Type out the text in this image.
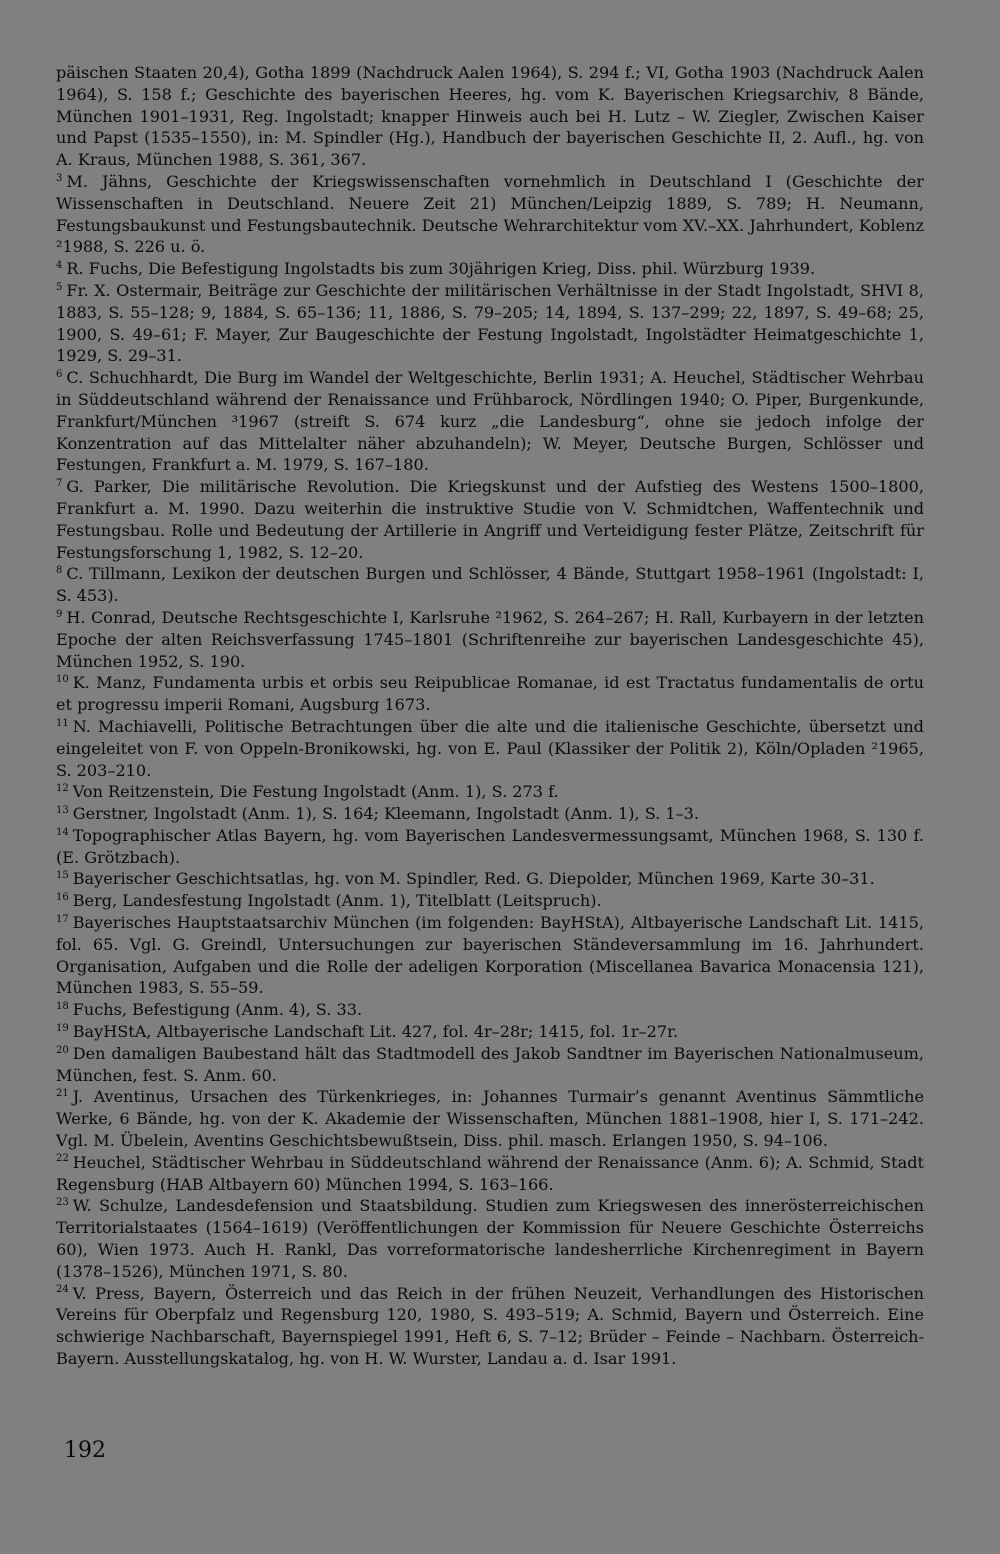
päischen Staaten 20,4), Gotha 1899 (Nachdruck Aalen 1964), S. 294 f.; VI, Gotha 1903 (Nachdruck Aalen 1964), S. 158 f.; Geschichte des bayerischen Heeres, hg. vom K. Bayerischen Kriegsarchiv, 8 Bände, München 1901–1931, Reg. Ingolstadt; knapper Hinweis auch bei H. Lutz – W. Ziegler, Zwischen Kaiser und Papst (1535–1550), in: M. Spindler (Hg.), Handbuch der bayerischen Geschichte II, 2. Aufl., hg. von A. Kraus, München 1988, S. 361, 367.

$^3$ M. Jähns, Geschichte der Kriegswissenschaften vornehmlich in Deutschland I (Geschichte der Wissenschaften in Deutschland. Neuere Zeit 21) München/Leipzig 1889, S. 789; H. Neumann, Festungsbaukunst und Festungsbautechnik. Deutsche Wehrarchitektur vom XV.–XX. Jahrhundert, Koblenz ²1988, S. 226 u. ö.

$^4$ R. Fuchs, Die Befestigung Ingolstadts bis zum 30jährigen Krieg, Diss. phil. Würzburg 1939.

$^5$ Fr. X. Ostermair, Beiträge zur Geschichte der militärischen Verhältnisse in der Stadt Ingolstadt, SHVI 8, 1883, S. 55–128; 9, 1884, S. 65–136; 11, 1886, S. 79–205; 14, 1894, S. 137–299; 22, 1897, S. 49–68; 25, 1900, S. 49–61; F. Mayer, Zur Baugeschichte der Festung Ingolstadt, Ingolstädter Heimatgeschichte 1, 1929, S. 29–31.

$^6$ C. Schuchhardt, Die Burg im Wandel der Weltgeschichte, Berlin 1931; A. Heuchel, Städtischer Wehrbau in Süddeutschland während der Renaissance und Frühbarock, Nördlingen 1940; O. Piper, Burgenkunde, Frankfurt/München ³1967 (streift S. 674 kurz „die Landesburg“, ohne sie jedoch infolge der Konzentration auf das Mittelalter näher abzuhandeln); W. Meyer, Deutsche Burgen, Schlösser und Festungen, Frankfurt a. M. 1979, S. 167–180.

$^7$ G. Parker, Die militärische Revolution. Die Kriegskunst und der Aufstieg des Westens 1500–1800, Frankfurt a. M. 1990. Dazu weiterhin die instruktive Studie von V. Schmidtchen, Waffentechnik und Festungsbau. Rolle und Bedeutung der Artillerie in Angriff und Verteidigung fester Plätze, Zeitschrift für Festungsforschung 1, 1982, S. 12–20.

$^8$ C. Tillmann, Lexikon der deutschen Burgen und Schlösser, 4 Bände, Stuttgart 1958–1961 (Ingolstadt: I, S. 453).

$^9$ H. Conrad, Deutsche Rechtsgeschichte I, Karlsruhe ²1962, S. 264–267; H. Rall, Kurbayern in der letzten Epoche der alten Reichsverfassung 1745–1801 (Schriftenreihe zur bayerischen Landesgeschichte 45), München 1952, S. 190.

$^{10}$ K. Manz, Fundamenta urbis et orbis seu Reipublicae Romanae, id est Tractatus fundamentalis de ortu et progressu imperii Romani, Augsburg 1673.

$^{11}$ N. Machiavelli, Politische Betrachtungen über die alte und die italienische Geschichte, übersetzt und eingeleitet von F. von Oppeln-Bronikowski, hg. von E. Paul (Klassiker der Politik 2), Köln/Opladen ²1965, S. 203–210.

$^{12}$ Von Reitzenstein, Die Festung Ingolstadt (Anm. 1), S. 273 f.

$^{13}$ Gerstner, Ingolstadt (Anm. 1), S. 164; Kleemann, Ingolstadt (Anm. 1), S. 1–3.

$^{14}$ Topographischer Atlas Bayern, hg. vom Bayerischen Landesvermessungsamt, München 1968, S. 130 f. (E. Grötzbach).

$^{15}$ Bayerischer Geschichtsatlas, hg. von M. Spindler, Red. G. Diepolder, München 1969, Karte 30–31.

$^{16}$ Berg, Landesfestung Ingolstadt (Anm. 1), Titelblatt (Leitspruch).

$^{17}$ Bayerisches Hauptstaatsarchiv München (im folgenden: BayHStA), Altbayerische Landschaft Lit. 1415, fol. 65. Vgl. G. Greindl, Untersuchungen zur bayerischen Ständeversammlung im 16. Jahrhundert. Organisation, Aufgaben und die Rolle der adeligen Korporation (Miscellanea Bavarica Monacensia 121), München 1983, S. 55–59.

$^{18}$ Fuchs, Befestigung (Anm. 4), S. 33.

$^{19}$ BayHStA, Altbayerische Landschaft Lit. 427, fol. 4r–28r; 1415, fol. 1r–27r.

$^{20}$ Den damaligen Baubestand hält das Stadtmodell des Jakob Sandtner im Bayerischen Nationalmuseum, München, fest. S. Anm. 60.

$^{21}$ J. Aventinus, Ursachen des Türkenkrieges, in: Johannes Turmair’s genannt Aventinus Sämmtliche Werke, 6 Bände, hg. von der K. Akademie der Wissenschaften, München 1881–1908, hier I, S. 171–242. Vgl. M. Übelein, Aventins Geschichtsbewußtsein, Diss. phil. masch. Erlangen 1950, S. 94–106.

$^{22}$ Heuchel, Städtischer Wehrbau in Süddeutschland während der Renaissance (Anm. 6); A. Schmid, Stadt Regensburg (HAB Altbayern 60) München 1994, S. 163–166.

$^{23}$ W. Schulze, Landesdefension und Staatsbildung. Studien zum Kriegswesen des innerösterreichischen Territorialstaates (1564–1619) (Veröffentlichungen der Kommission für Neuere Geschichte Österreichs 60), Wien 1973. Auch H. Rankl, Das vorreformatorische landesherrliche Kirchenregiment in Bayern (1378–1526), München 1971, S. 80.

$^{24}$ V. Press, Bayern, Österreich und das Reich in der frühen Neuzeit, Verhandlungen des Historischen Vereins für Oberpfalz und Regensburg 120, 1980, S. 493–519; A. Schmid, Bayern und Österreich. Eine schwierige Nachbarschaft, Bayernspiegel 1991, Heft 6, S. 7–12; Brüder – Feinde – Nachbarn. Österreich-Bayern. Ausstellungskatalog, hg. von H. W. Wurster, Landau a. d. Isar 1991.

192
